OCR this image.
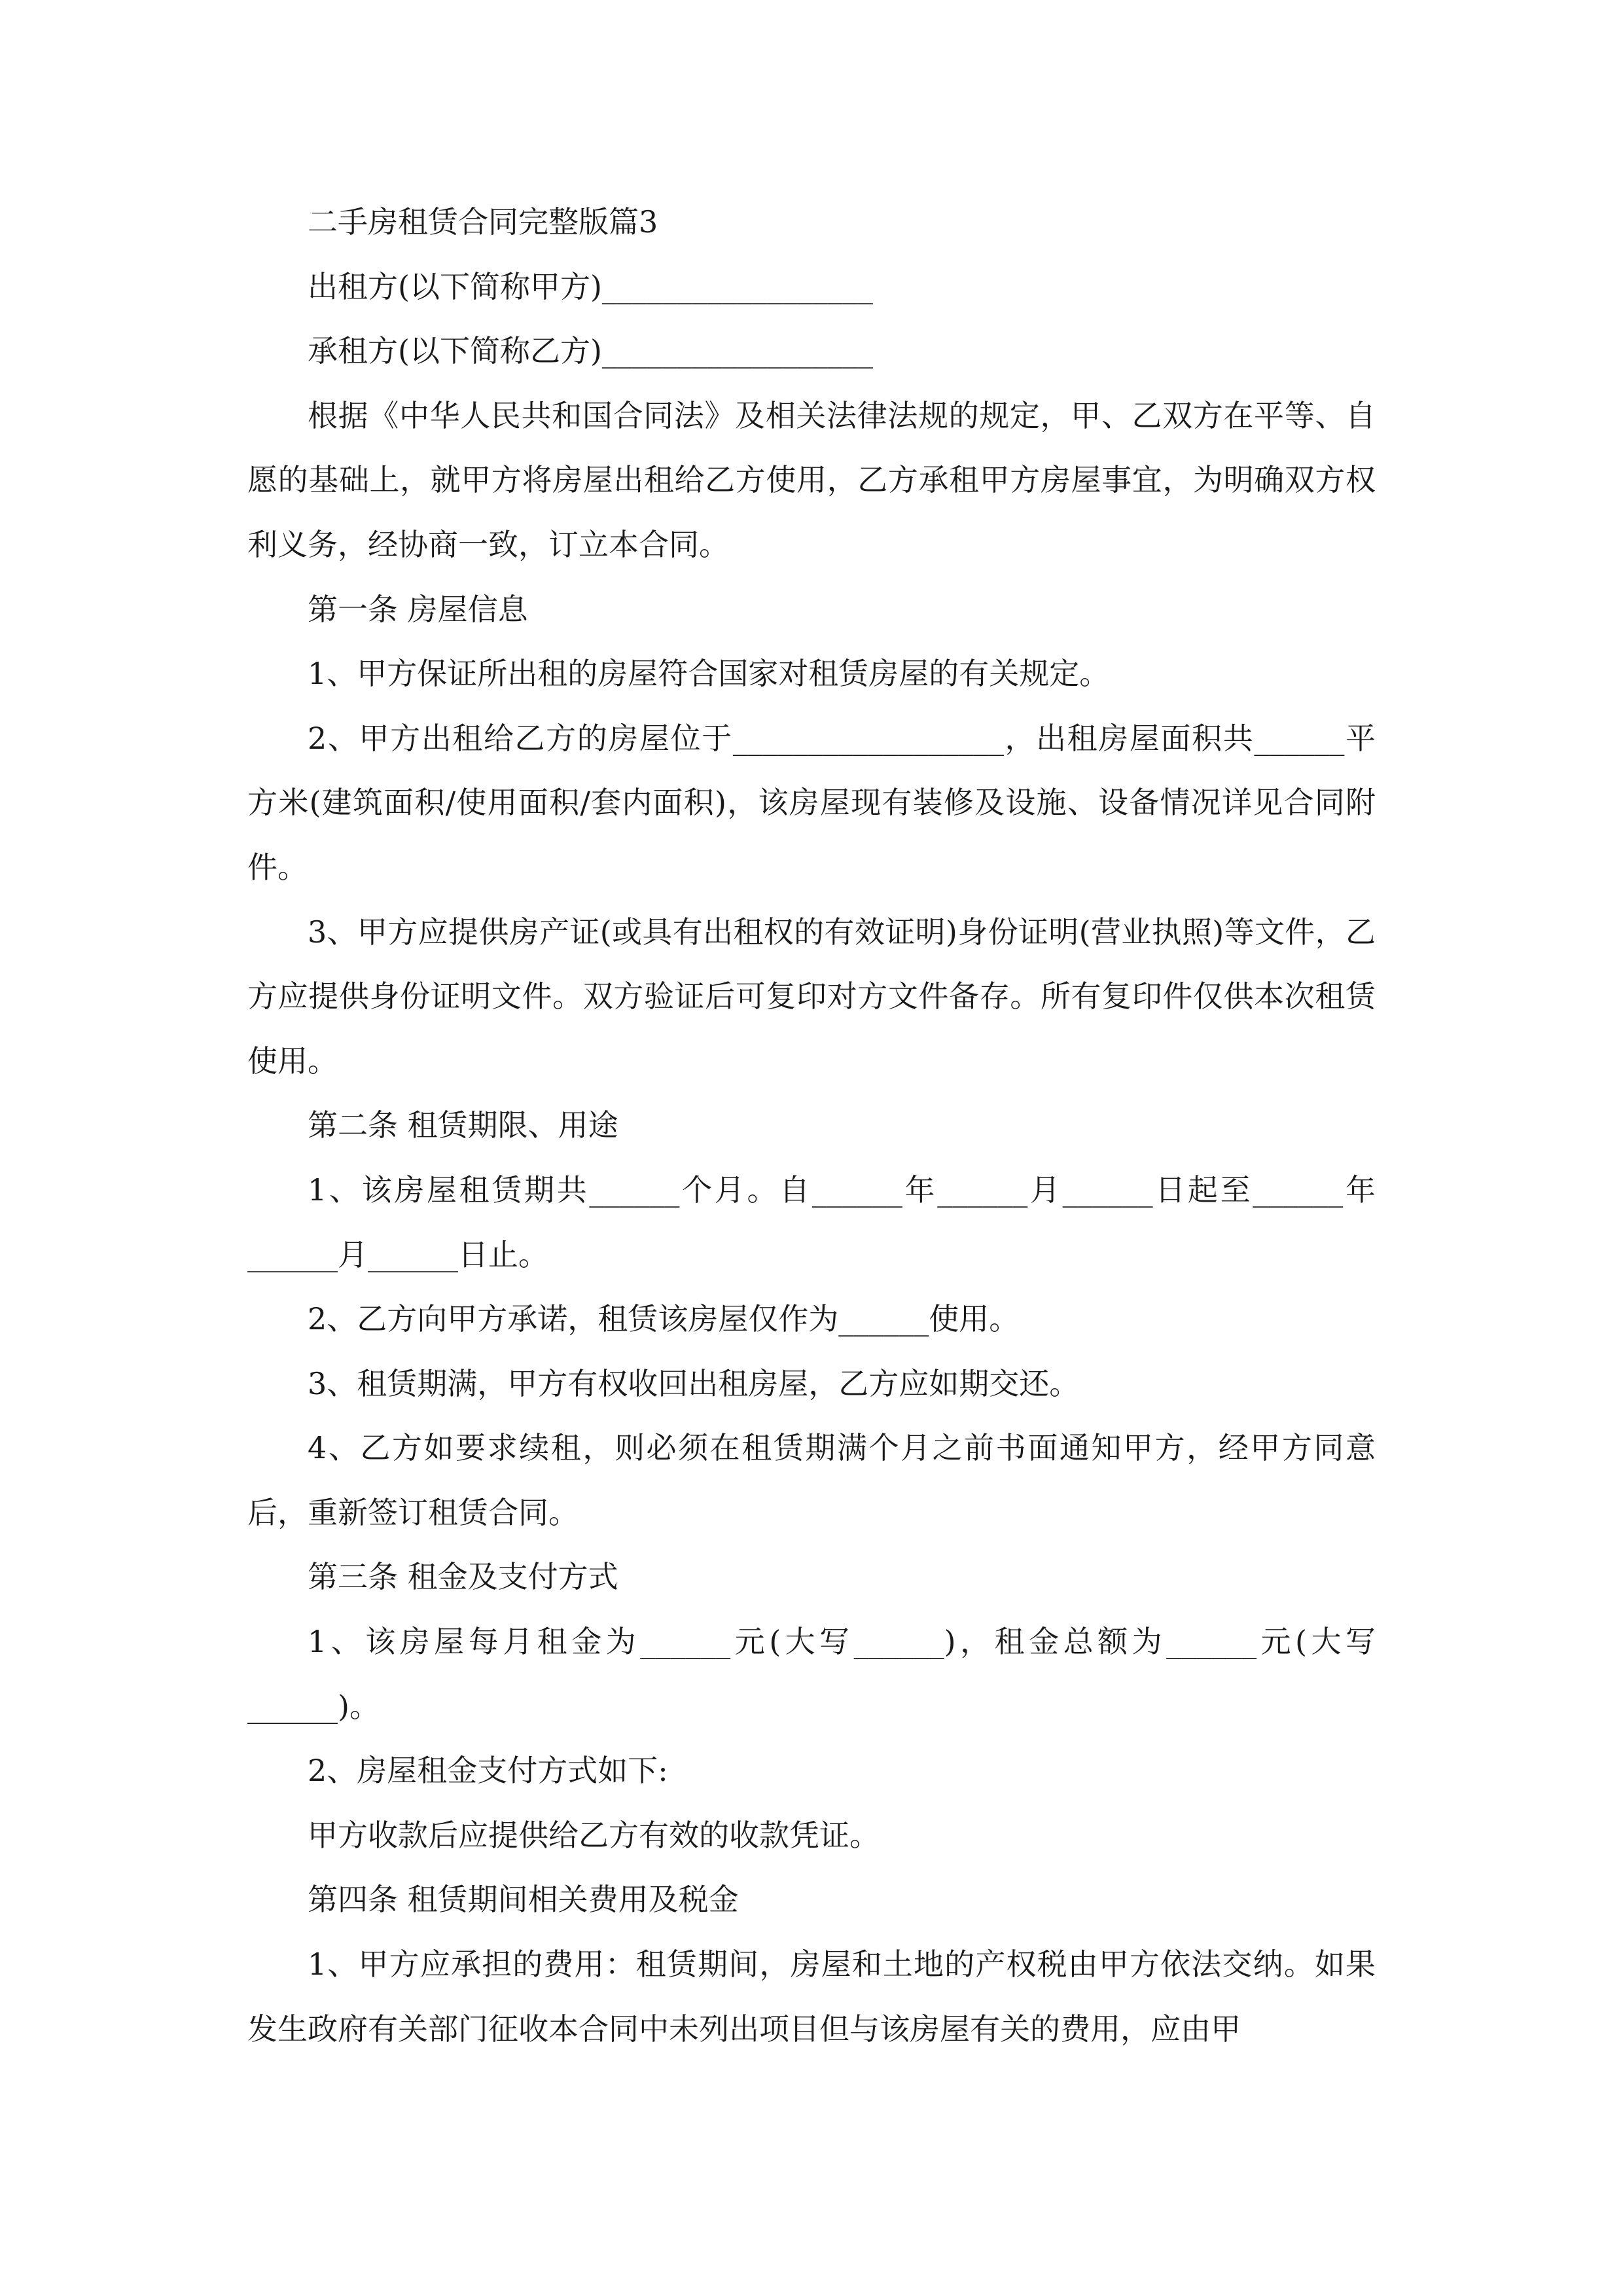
二手房租赁合同完整版篇3

出租方(以下简称甲方)__________________

承租方(以下简称乙方)__________________

根据《中华人民共和国合同法》及相关法律法规的规定，甲、乙双方在平等、自愿的基础上，就甲方将房屋出租给乙方使用，乙方承租甲方房屋事宜，为明确双方权利义务，经协商一致，订立本合同。

第一条 房屋信息

1、甲方保证所出租的房屋符合国家对租赁房屋的有关规定。

2、甲方出租给乙方的房屋位于__________________，出租房屋面积共______平方米(建筑面积/使用面积/套内面积)，该房屋现有装修及设施、设备情况详见合同附件。

3、甲方应提供房产证(或具有出租权的有效证明)身份证明(营业执照)等文件，乙方应提供身份证明文件。双方验证后可复印对方文件备存。所有复印件仅供本次租赁使用。

第二条 租赁期限、用途

1、该房屋租赁期共______个月。自______年______月______日起至______年______月______日止。

2、乙方向甲方承诺，租赁该房屋仅作为______使用。

3、租赁期满，甲方有权收回出租房屋，乙方应如期交还。

4、乙方如要求续租，则必须在租赁期满个月之前书面通知甲方，经甲方同意后，重新签订租赁合同。

第三条 租金及支付方式

1、该房屋每月租金为______元(大写______)，租金总额为______元(大写______)。

2、房屋租金支付方式如下:

甲方收款后应提供给乙方有效的收款凭证。

第四条 租赁期间相关费用及税金

1、甲方应承担的费用：租赁期间，房屋和土地的产权税由甲方依法交纳。如果发生政府有关部门征收本合同中未列出项目但与该房屋有关的费用，应由甲
